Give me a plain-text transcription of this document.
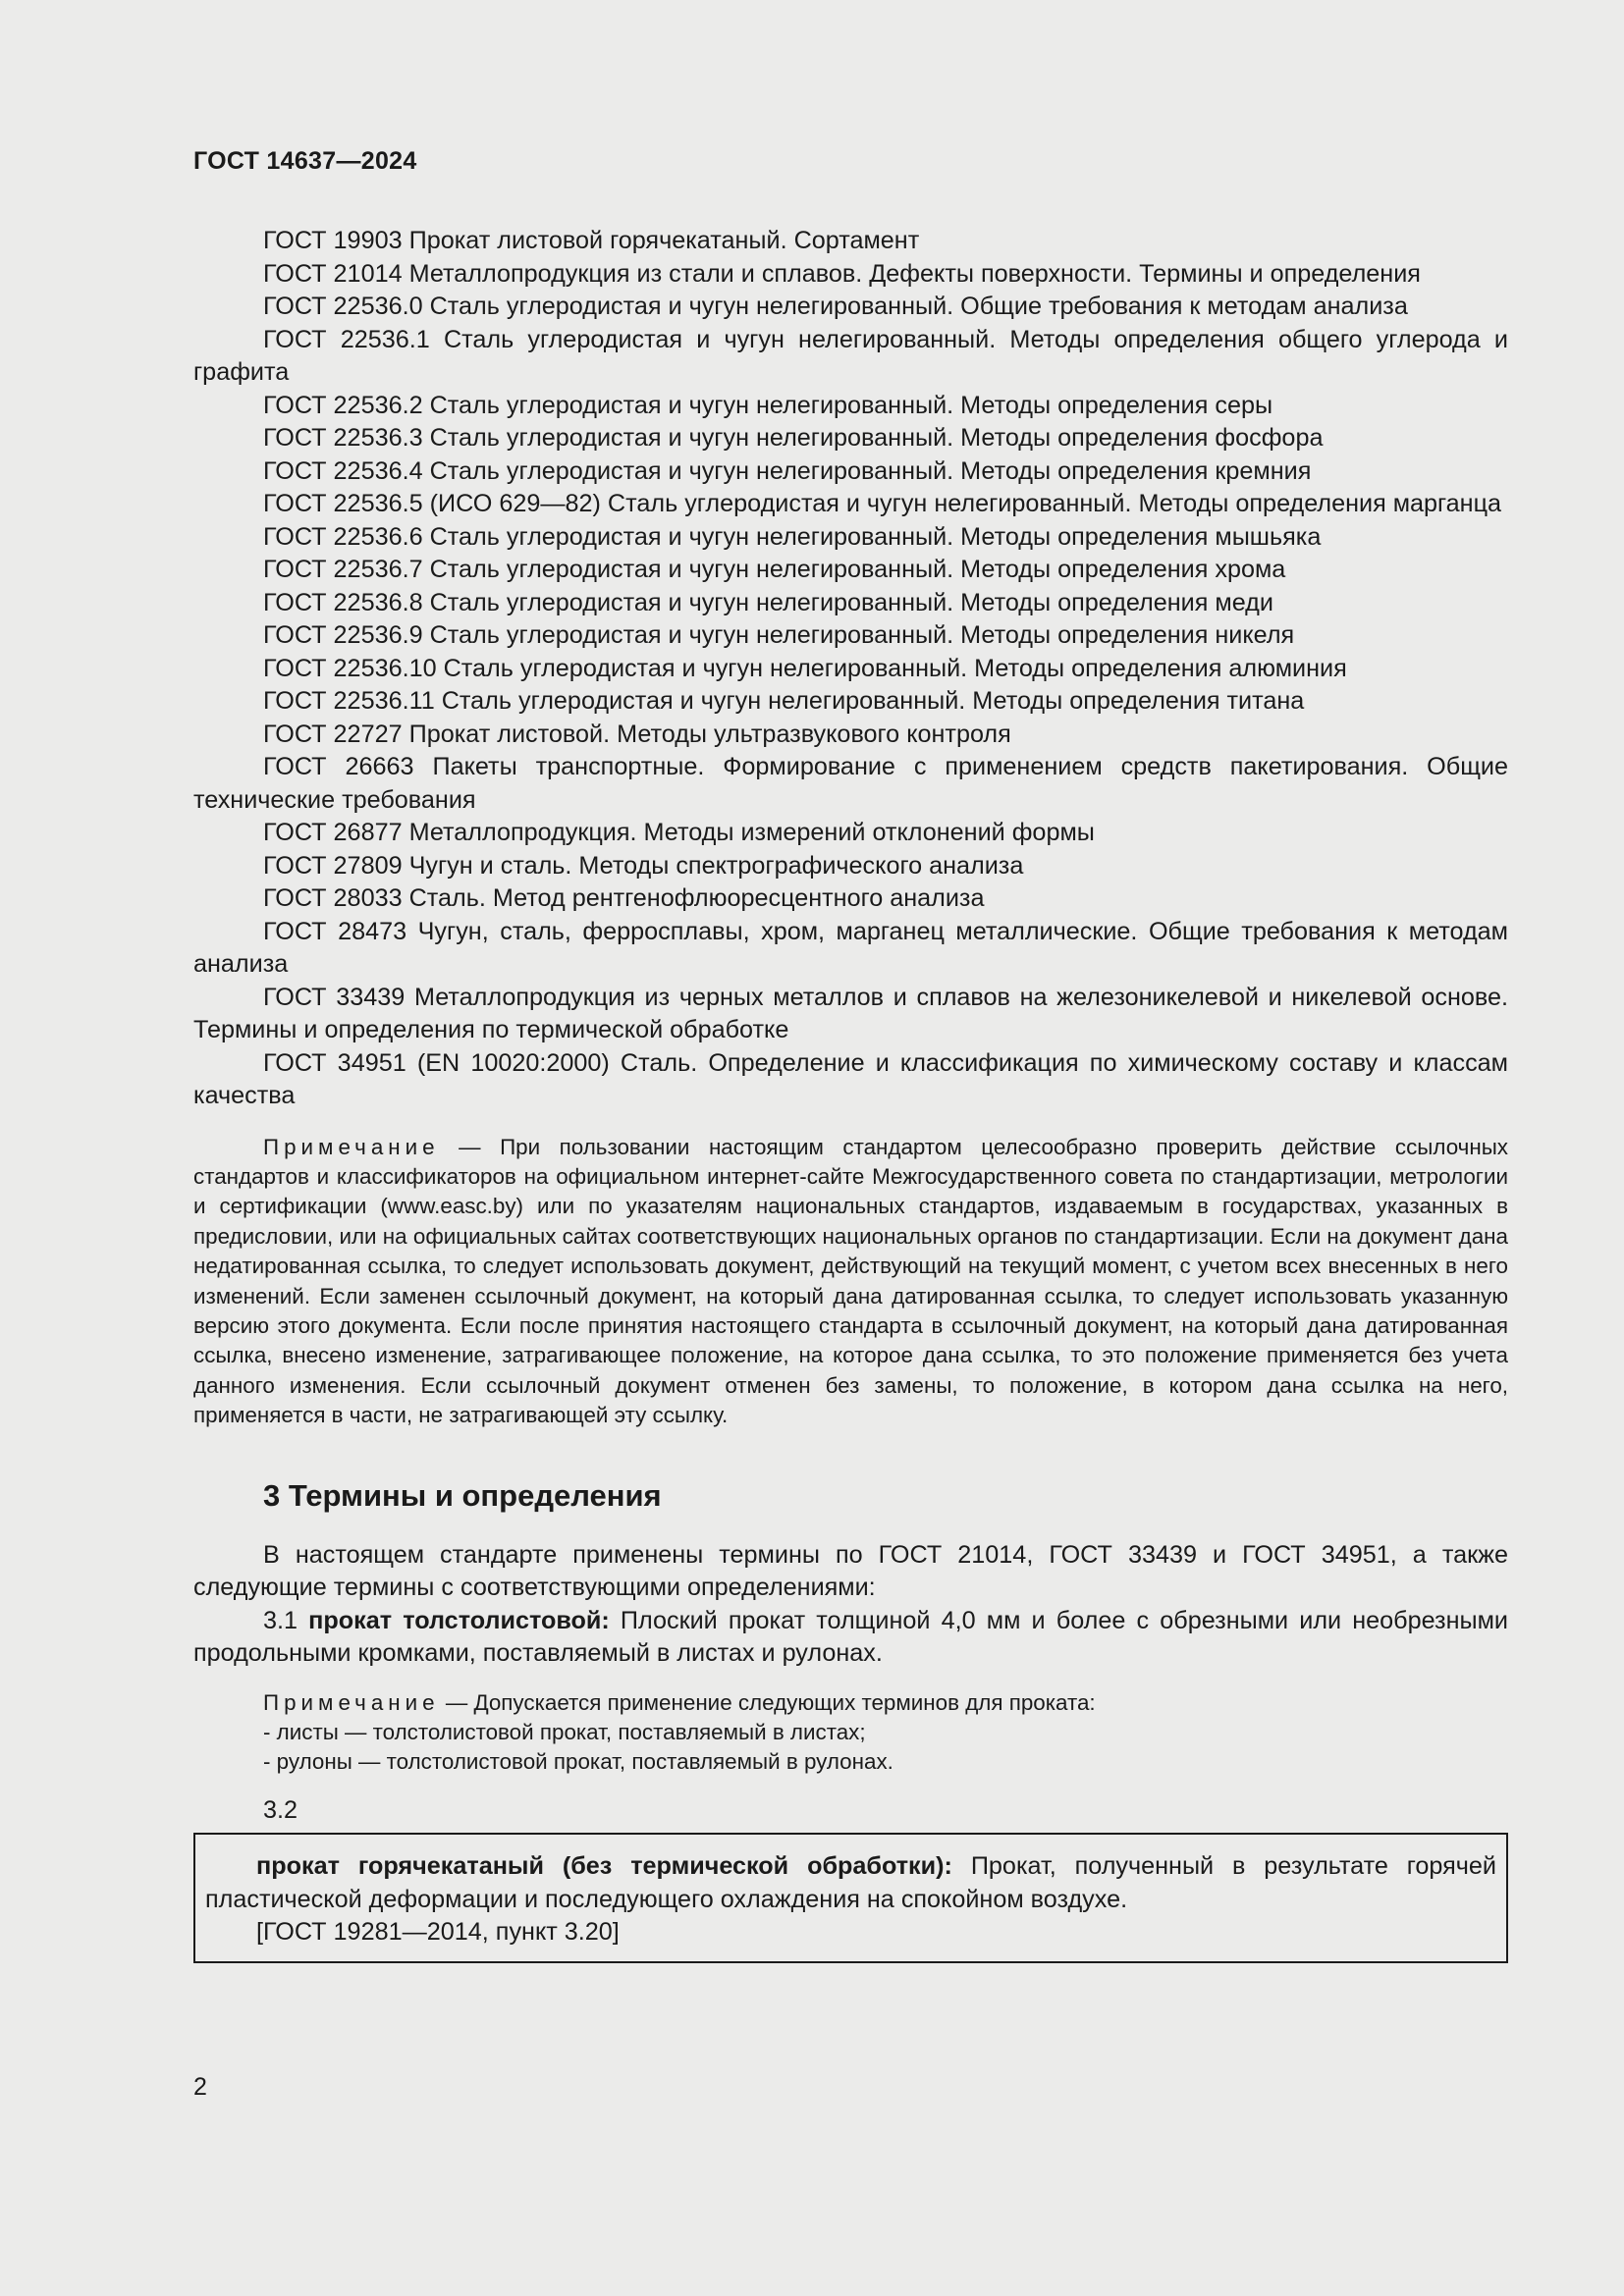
ГОСТ 14637—2024

ГОСТ 19903 Прокат листовой горячекатаный. Сортамент

ГОСТ 21014 Металлопродукция из стали и сплавов. Дефекты поверхности. Термины и определения

ГОСТ 22536.0 Сталь углеродистая и чугун нелегированный. Общие требования к методам анализа

ГОСТ 22536.1 Сталь углеродистая и чугун нелегированный. Методы определения общего углерода и графита

ГОСТ 22536.2 Сталь углеродистая и чугун нелегированный. Методы определения серы

ГОСТ 22536.3 Сталь углеродистая и чугун нелегированный. Методы определения фосфора

ГОСТ 22536.4 Сталь углеродистая и чугун нелегированный. Методы определения кремния

ГОСТ 22536.5 (ИСО 629—82) Сталь углеродистая и чугун нелегированный. Методы определения марганца

ГОСТ 22536.6 Сталь углеродистая и чугун нелегированный. Методы определения мышьяка

ГОСТ 22536.7 Сталь углеродистая и чугун нелегированный. Методы определения хрома

ГОСТ 22536.8 Сталь углеродистая и чугун нелегированный. Методы определения меди

ГОСТ 22536.9 Сталь углеродистая и чугун нелегированный. Методы определения никеля

ГОСТ 22536.10 Сталь углеродистая и чугун нелегированный. Методы определения алюминия

ГОСТ 22536.11 Сталь углеродистая и чугун нелегированный. Методы определения титана

ГОСТ 22727 Прокат листовой. Методы ультразвукового контроля

ГОСТ 26663 Пакеты транспортные. Формирование с применением средств пакетирования. Общие технические требования

ГОСТ 26877 Металлопродукция. Методы измерений отклонений формы

ГОСТ 27809 Чугун и сталь. Методы спектрографического анализа

ГОСТ 28033 Сталь. Метод рентгенофлюоресцентного анализа

ГОСТ 28473 Чугун, сталь, ферросплавы, хром, марганец металлические. Общие требования к методам анализа

ГОСТ 33439 Металлопродукция из черных металлов и сплавов на железоникелевой и никелевой основе. Термины и определения по термической обработке

ГОСТ 34951 (EN 10020:2000) Сталь. Определение и классификация по химическому составу и классам качества

Примечание — При пользовании настоящим стандартом целесообразно проверить действие ссылочных стандартов и классификаторов на официальном интернет-сайте Межгосударственного совета по стандартизации, метрологии и сертификации (www.easc.by) или по указателям национальных стандартов, издаваемым в государствах, указанных в предисловии, или на официальных сайтах соответствующих национальных органов по стандартизации. Если на документ дана недатированная ссылка, то следует использовать документ, действующий на текущий момент, с учетом всех внесенных в него изменений. Если заменен ссылочный документ, на который дана датированная ссылка, то следует использовать указанную версию этого документа. Если после принятия настоящего стандарта в ссылочный документ, на который дана датированная ссылка, внесено изменение, затрагивающее положение, на которое дана ссылка, то это положение применяется без учета данного изменения. Если ссылочный документ отменен без замены, то положение, в котором дана ссылка на него, применяется в части, не затрагивающей эту ссылку.

3 Термины и определения

В настоящем стандарте применены термины по ГОСТ 21014, ГОСТ 33439 и ГОСТ 34951, а также следующие термины с соответствующими определениями:

3.1 прокат толстолистовой: Плоский прокат толщиной 4,0 мм и более с обрезными или необрезными продольными кромками, поставляемый в листах и рулонах.

Примечание — Допускается применение следующих терминов для проката:
- листы — толстолистовой прокат, поставляемый в листах;
- рулоны — толстолистовой прокат, поставляемый в рулонах.
3.2

прокат горячекатаный (без термической обработки): Прокат, полученный в результате горячей пластической деформации и последующего охлаждения на спокойном воздухе.

[ГОСТ 19281—2014, пункт 3.20]

2
